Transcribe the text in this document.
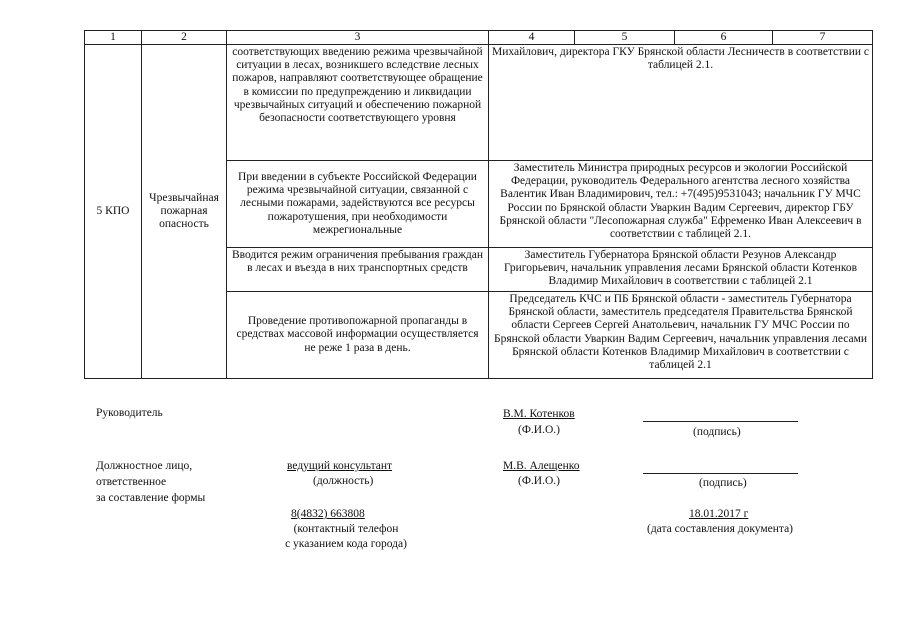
1	2	3	4	5	6	7
5 КПО	Чрезвычайная пожарная опасность	соответствующих введению режима чрезвычайной ситуации в лесах, возникшего вследствие лесных пожаров, направляют соответствующее обращение в комиссии по предупреждению и ликвидации чрезвычайных ситуаций и обеспечению пожарной безопасности соответствующего уровня	Михайлович, директора ГКУ Брянской области Лесничеств в соответствии с таблицей 2.1.			
		При введении в субъекте Российской Федерации режима чрезвычайной ситуации, связанной с лесными пожарами, задействуются все ресурсы пожаротушения, при необходимости межрегиональные	Заместитель Министра природных ресурсов и экологии Российской Федерации, руководитель Федерального агентства лесного хозяйства Валентик Иван Владимирович, тел.: +7(495)9531043; начальник ГУ МЧС России по Брянской области Уваркин Вадим Сергеевич, директор ГБУ Брянской области "Лесопожарная служба" Ефременко Иван Алексеевич в соответствии с таблицей 2.1.			
		Вводится режим ограничения пребывания граждан в лесах и въезда в них транспортных средств	Заместитель Губернатора Брянской области Резунов Александр Григорьевич, начальник управления лесами Брянской области Котенков Владимир Михайлович в соответствии с таблицей 2.1			
		Проведение противопожарной пропаганды в средствах массовой информации осуществляется не реже 1 раза в день.	Председатель КЧС и ПБ Брянской области - заместитель Губернатора Брянской области, заместитель председателя Правительства Брянской области Сергеев Сергей Анатольевич, начальник ГУ МЧС России по Брянской области Уваркин Вадим Сергеевич, начальник управления лесами Брянской области Котенков Владимир Михайлович в соответствии с таблицей 2.1			
Руководитель	В.М. Котенков
(Ф.И.О.)	(подпись)
Должностное лицо,
ответственное
за составление формы
ведущий консультант
(должность)
М.В. Алещенко
(Ф.И.О.)	(подпись)
8(4832) 663808
(контактный телефон
с указанием кода города)
18.01.2017 г
(дата составления документа)
